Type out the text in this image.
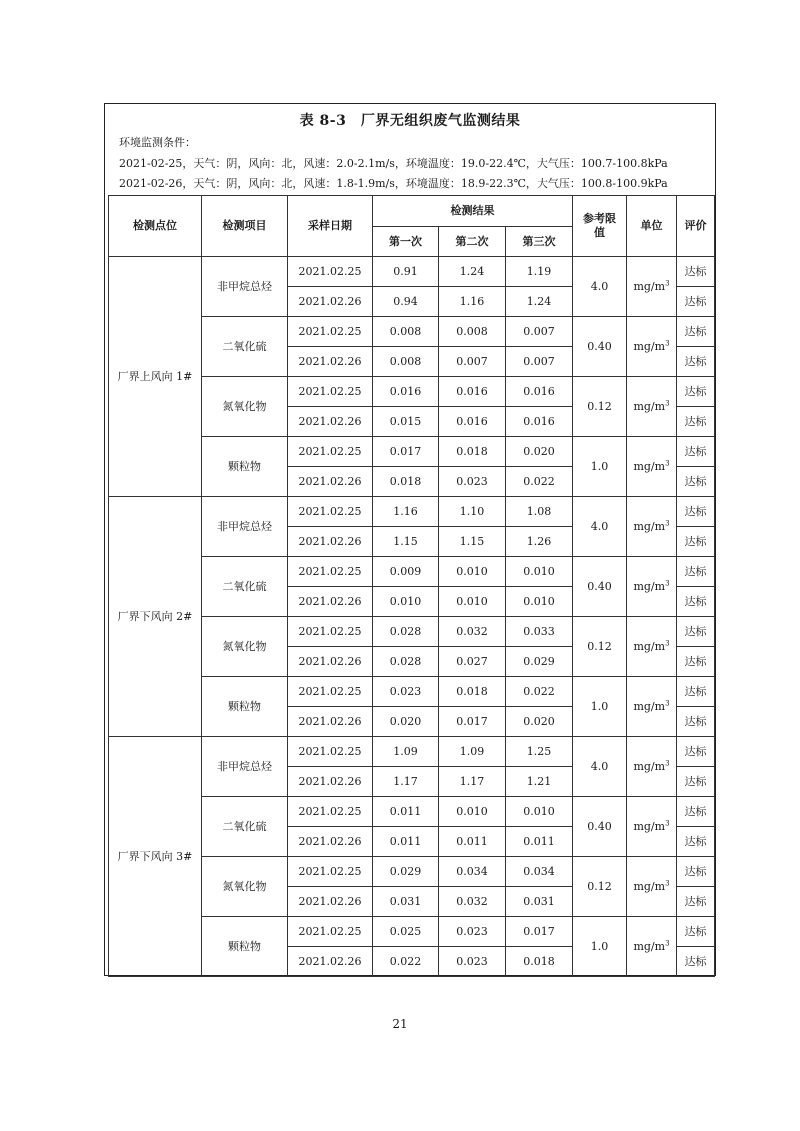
表 8-3　厂界无组织废气监测结果
环境监测条件：
2021-02-25，天气：阴，风向：北，风速：2.0-2.1m/s，环境温度：19.0-22.4℃，大气压：100.7-100.8kPa
2021-02-26，天气：阴，风向：北，风速：1.8-1.9m/s，环境温度：18.9-22.3℃，大气压：100.8-100.9kPa
检测点位	检测项目	采样日期	检测结果			参考限值	单位	评价
			第一次	第二次	第三次			
厂界上风向 1#	非甲烷总烃	2021.02.25	0.91	1.24	1.19	4.0	$mg/m^3$	达标
		2021.02.26	0.94	1.16	1.24			达标
	二氧化硫	2021.02.25	0.008	0.008	0.007	0.40	$mg/m^3$	达标
		2021.02.26	0.008	0.007	0.007			达标
	氮氧化物	2021.02.25	0.016	0.016	0.016	0.12	$mg/m^3$	达标
		2021.02.26	0.015	0.016	0.016			达标
	颗粒物	2021.02.25	0.017	0.018	0.020	1.0	$mg/m^3$	达标
		2021.02.26	0.018	0.023	0.022			达标
厂界下风向 2#	非甲烷总烃	2021.02.25	1.16	1.10	1.08	4.0	$mg/m^3$	达标
		2021.02.26	1.15	1.15	1.26			达标
	二氧化硫	2021.02.25	0.009	0.010	0.010	0.40	$mg/m^3$	达标
		2021.02.26	0.010	0.010	0.010			达标
	氮氧化物	2021.02.25	0.028	0.032	0.033	0.12	$mg/m^3$	达标
		2021.02.26	0.028	0.027	0.029			达标
	颗粒物	2021.02.25	0.023	0.018	0.022	1.0	$mg/m^3$	达标
		2021.02.26	0.020	0.017	0.020			达标
厂界下风向 3#	非甲烷总烃	2021.02.25	1.09	1.09	1.25	4.0	$mg/m^3$	达标
		2021.02.26	1.17	1.17	1.21			达标
	二氧化硫	2021.02.25	0.011	0.010	0.010	0.40	$mg/m^3$	达标
		2021.02.26	0.011	0.011	0.011			达标
	氮氧化物	2021.02.25	0.029	0.034	0.034	0.12	$mg/m^3$	达标
		2021.02.26	0.031	0.032	0.031			达标
	颗粒物	2021.02.25	0.025	0.023	0.017	1.0	$mg/m^3$	达标
		2021.02.26	0.022	0.023	0.018			达标
21
